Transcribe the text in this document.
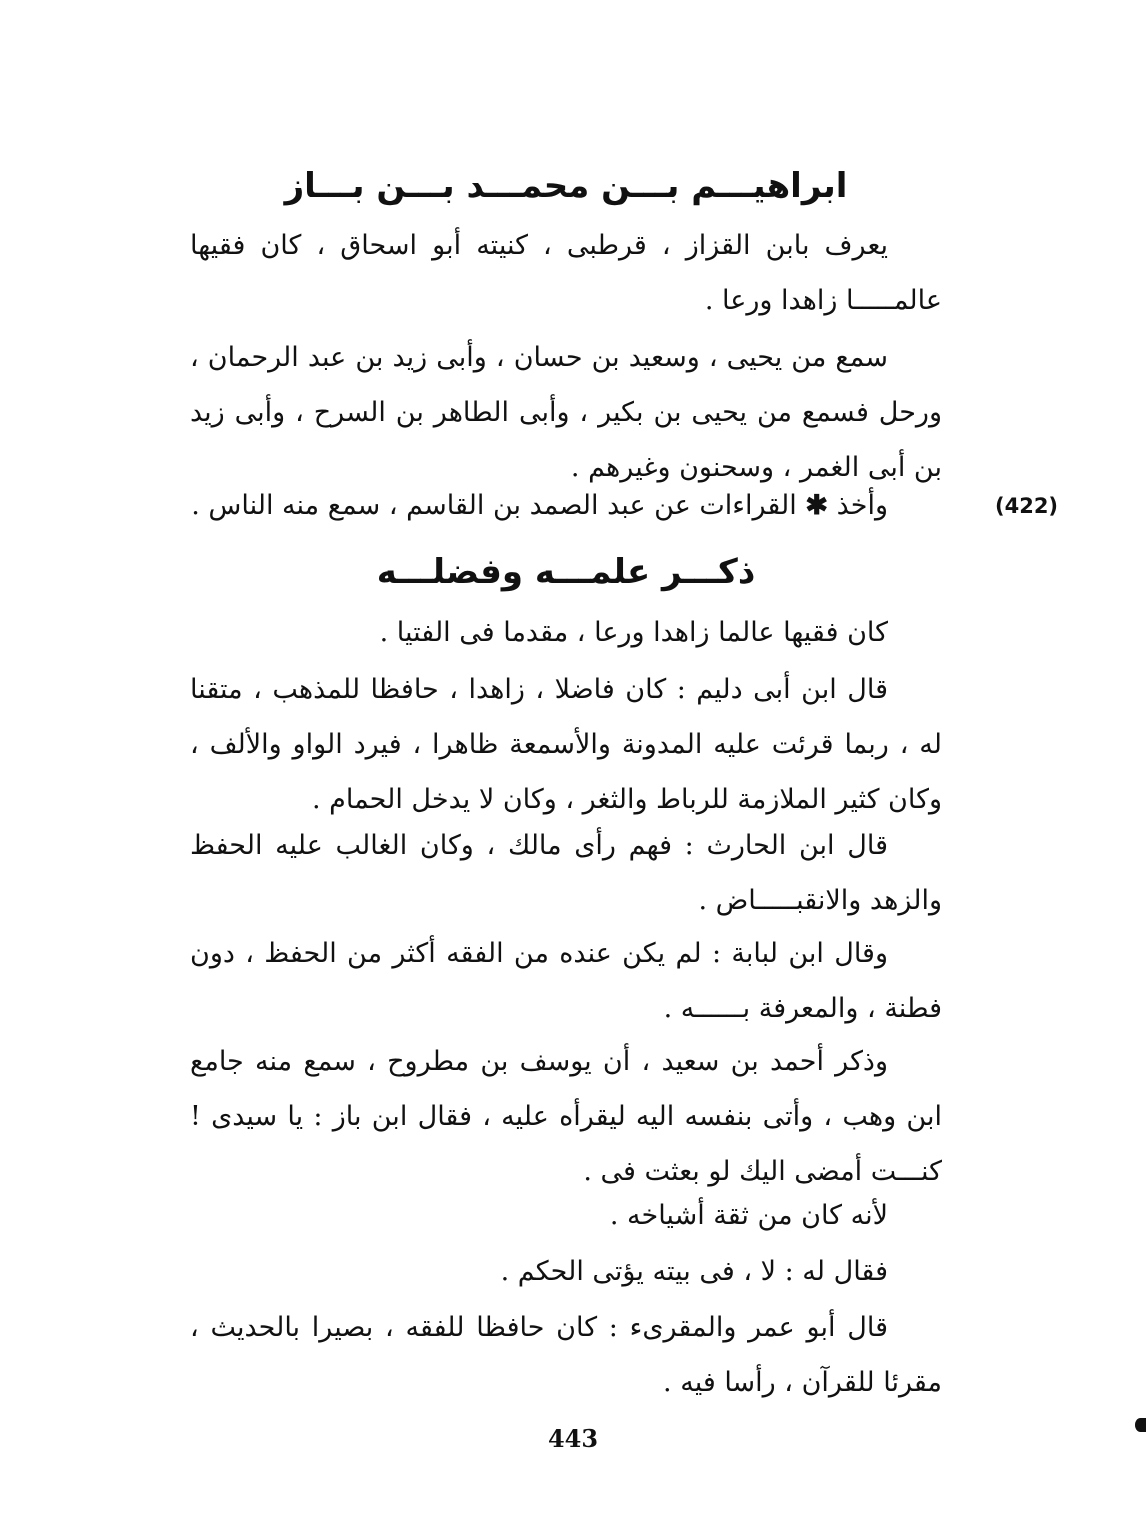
ابراهيـــم بـــن محمـــد بـــن بـــاز
يعرف بابن القزاز ، قرطبى ، كنيته أبو اسحاق ، كان فقيها عالمـــــا زاهدا ورعا .
سمع من يحيى ، وسعيد بن حسان ، وأبى زيد بن عبد الرحمان ، ورحل فسمع من يحيى بن بكير ، وأبى الطاهر بن السرح ، وأبى زيد بن أبى الغمر ، وسحنون وغيرهم .
وأخذ ✱ القراءات عن عبد الصمد بن القاسم ، سمع منه الناس .	(422)
ذكـــر علمـــه وفضلـــه
كان فقيها عالما زاهدا ورعا ، مقدما فى الفتيا .
قال ابن أبى دليم : كان فاضلا ، زاهدا ، حافظا للمذهب ، متقنا له ، ربما قرئت عليه المدونة والأسمعة ظاهرا ، فيرد الواو والألف ، وكان كثير الملازمة للرباط والثغر ، وكان لا يدخل الحمام .
قال ابن الحارث : فهم رأى مالك ، وكان الغالب عليه الحفظ والزهد والانقبـــــاض .
وقال ابن لبابة : لم يكن عنده من الفقه أكثر من الحفظ ، دون فطنة ، والمعرفة بــــــه .
وذكر أحمد بن سعيد ، أن يوسف بن مطروح ، سمع منه جامع ابن وهب ، وأتى بنفسه اليه ليقرأه عليه ، فقال ابن باز : يا سيدى ! كنـــت أمضى اليك لو بعثت فى .
لأنه كان من ثقة أشياخه .
فقال له : لا ، فى بيته يؤتى الحكم .
قال أبو عمر والمقرىء : كان حافظا للفقه ، بصيرا بالحديث ، مقرئا للقرآن ، رأسا فيه .
443
